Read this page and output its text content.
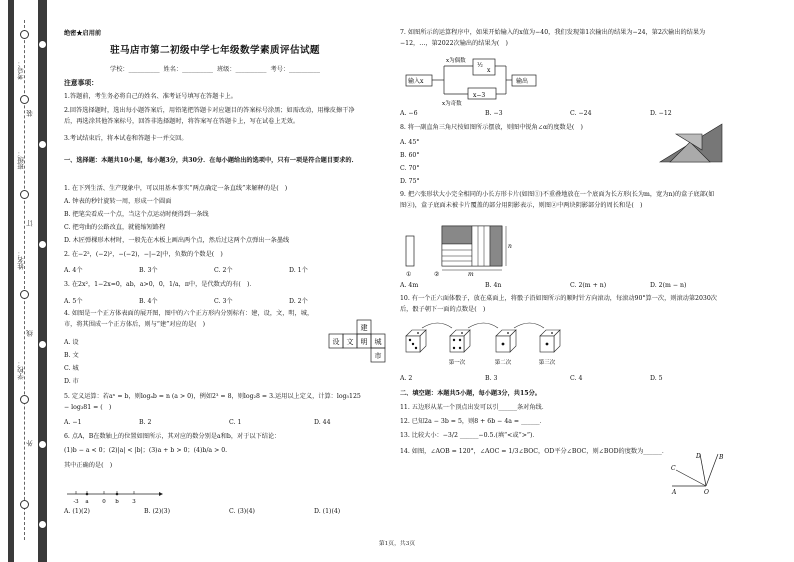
考号：
班级：
姓名：
学校：
装
订
线
外
绝密★启用前
驻马店市第二初级中学七年级数学素质评估试题
学校：__________ 姓名：__________ 班级：__________ 考号：__________
注意事项：
1.答题前，考生务必将自己的姓名、准考证号填写在答题卡上。
2.回答选择题时，选出每小题答案后，用铅笔把答题卡对应题目的答案标号涂黑；如需改动，用橡皮擦干净后，再选涂其他答案标号，回答非选择题时，将答案写在答题卡上，写在试卷上无效。
3.考试结束后，将本试卷和答题卡一并交回。
一、选择题：本题共10小题，每小题3分，共30分．在每小题给出的选项中，只有一项是符合题目要求的．
1. 在下列生活、生产现象中，可以用基本事实“两点确定一条直线”来解释的是(　)
A. 钟表的秒针旋转一周，形成一个圆面
B. 把笔尖看成一个点，当这个点运动时便得到一条线
C. 把弯曲的公路改直，就能缩短路程
D. 木匠弹棵形木材时，一般先在木板上画出两个点，然后过这两个点弹出一条墨线
2. 在−2²，(−2)²，−(−2)，−|−2|中，负数的个数是(　)
A. 4个	B. 3个	C. 2个	D. 1个
3. 在2x²，1−2x=0，ab，a>0，0，1/a，π中，是代数式的有(　)．
A. 5个	B. 4个	C. 3个	D. 2个
4. 如图是一个正方体表面的展开图，图中的六个正方形内分别标有：建，设，文，明，城，市，将其围成一个正方体后，则与“建”对应的是(　)
A. 设
B. 文
C. 城
D. 市
建
设 文 明 城
市
5. 定义运算：若aⁿ = b，则logₐb = n (a > 0)，例如2³ = 8，则log₂8 = 3.运用以上定义，计算：log₅125 − log₃81 = (　)
A. −1	B. 2	C. 1	D. 44
6. 点A，B在数轴上的位置如图所示，其对应的数分别是a和b，对于以下结论：
(1)b − a < 0；(2)|a| < |b|；(3)a + b > 0；(4)b/a > 0.
其中正确的是(　)
-3 a 0 b 3
A. (1)(2)	B. (2)(3)	C. (3)(4)	D. (1)(4)
7. 如图所示的运算程序中，如果开始输入的x值为−40，我们发现第1次输出的结果为−24，第2次输出的结果为−12，…，第2022次输出的结果为(　)
输入x
x为偶数
x为奇数
½
x
x−3
输出
A. −6	B. −3	C. −24	D. −12
8. 将一副直角三角尺按如图所示摆放，则图中锐角∠α的度数是(　)
A. 45°
B. 60°
C. 70°
D. 75°
α
9. 把六张形状大小完全相同的小长方形卡片(如图①)不重叠地放在一个底面为长方形(长为m，宽为n)的盒子底部(如图②)，盒子底面未被卡片覆盖的部分用阴影表示，则图②中两块阴影部分的周长和是(　)
m
n
①	②
A. 4m	B. 4n	C. 2(m + n)	D. 2(m − n)
10. 有一个正六面体骰子，放在桌面上，将骰子沿如图所示的顺时针方向滚动，每滚动90°算一次，则滚动第2030次后，骰子朝下一面的点数是(　)
第一次	第二次	第三次
A. 2	B. 3	C. 4	D. 5
二、填空题：本题共5小题，每小题3分，共15分。
11. 五边形从某一个顶点出发可以引______条对角线．
12. 已知2a − 3b = 5，则8 + 6b − 4a = ______．
13. 比较大小：−3/2 ______−0.5.(填“<或“>”)．
14. 如图，∠AOB = 120°，∠AOC = 1/3∠BOC，OD平分∠BOC，则∠BOD的度数为______．
A	O
B
C
D
第1页，共3页
